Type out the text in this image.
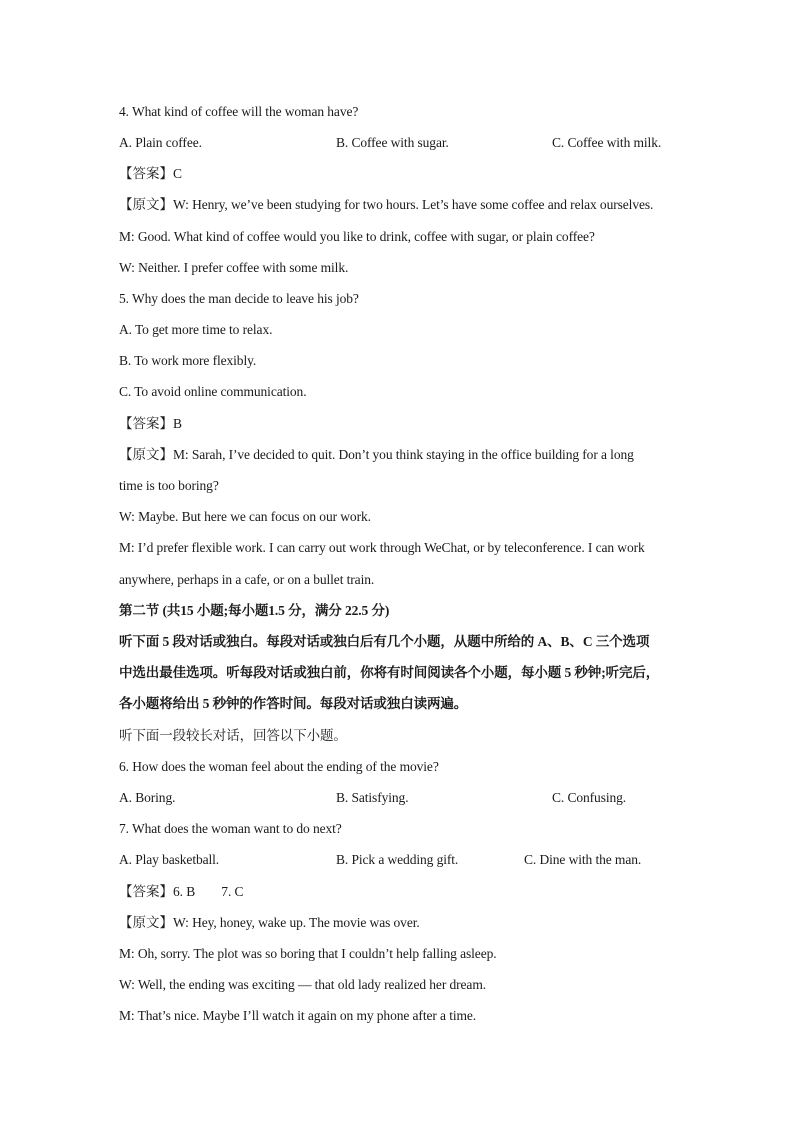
4. What kind of coffee will the woman have?
A. Plain coffee.	B. Coffee with sugar.	C. Coffee with milk.
【答案】C
【原文】W: Henry, we’ve been studying for two hours. Let’s have some coffee and relax ourselves.
M: Good. What kind of coffee would you like to drink, coffee with sugar, or plain coffee?
W: Neither. I prefer coffee with some milk.
5. Why does the man decide to leave his job?
A. To get more time to relax.
B. To work more flexibly.
C. To avoid online communication.
【答案】B
【原文】M: Sarah, I’ve decided to quit. Don’t you think staying in the office building for a long
time is too boring?
W: Maybe. But here we can focus on our work.
M: I’d prefer flexible work. I can carry out work through WeChat, or by teleconference. I can work
anywhere, perhaps in a cafe, or on a bullet train.
第二节 (共15 小题;每小题1.5 分，满分 22.5 分)
听下面 5 段对话或独白。每段对话或独白后有几个小题，从题中所给的 A、B、C 三个选项
中选出最佳选项。听每段对话或独白前，你将有时间阅读各个小题，每小题 5 秒钟;听完后，
各小题将给出 5 秒钟的作答时间。每段对话或独白读两遍。
听下面一段较长对话，回答以下小题。
6. How does the woman feel about the ending of the movie?
A. Boring.	B. Satisfying.	C. Confusing.
7. What does the woman want to do next?
A. Play basketball.	B. Pick a wedding gift.	C. Dine with the man.
【答案】6. B        7. C
【原文】W: Hey, honey, wake up. The movie was over.
M: Oh, sorry. The plot was so boring that I couldn’t help falling asleep.
W: Well, the ending was exciting — that old lady realized her dream.
M: That’s nice. Maybe I’ll watch it again on my phone after a time.
